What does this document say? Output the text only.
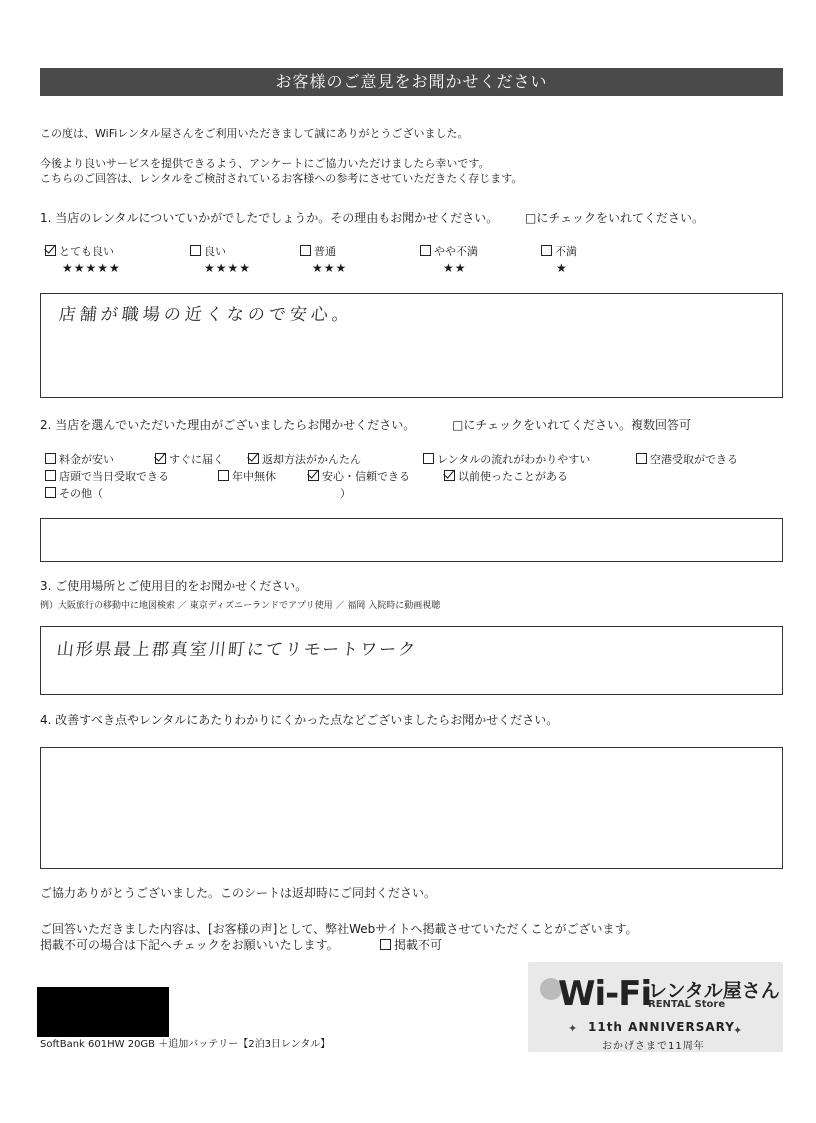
お客様のご意見をお聞かせください
この度は、WiFiレンタル屋さんをご利用いただきまして誠にありがとうございました。
今後より良いサービスを提供できるよう、アンケートにご協力いただけましたら幸いです。
こちらのご回答は、レンタルをご検討されているお客様への参考にさせていただきたく存じます。
1. 当店のレンタルについていかがでしたでしょうか。その理由もお聞かせください。 □にチェックをいれてください。
とても良い
★★★★★
良い
★★★★
普通
★★★
やや不満
★★
不満
★
店舗が職場の近くなので安心。
2. 当店を選んでいただいた理由がございましたらお聞かせください。	□にチェックをいれてください。複数回答可
料金が安い	すぐに届く	返却方法がかんたん	レンタルの流れがわかりやすい	空港受取ができる
店頭で当日受取できる	年中無休	安心・信頼できる	以前使ったことがある
その他（	）
3. ご使用場所とご使用目的をお聞かせください。
例）大阪旅行の移動中に地図検索 ／ 東京ディズニーランドでアプリ使用 ／ 福岡 入院時に動画視聴
山形県最上郡真室川町にてリモートワーク
4. 改善すべき点やレンタルにあたりわかりにくかった点などございましたらお聞かせください。
ご協力ありがとうございました。このシートは返却時にご同封ください。
ご回答いただきました内容は、[お客様の声]として、弊社Webサイトへ掲載させていただくことがございます。
掲載不可の場合は下記へチェックをお願いいたします。	掲載不可
SoftBank 601HW 20GB ＋追加バッテリー【2泊3日レンタル】
Wi-Fi
レンタル屋さん
RENTAL Store
✦ 11th ANNIVERSARY
✦
おかげさまで11周年
